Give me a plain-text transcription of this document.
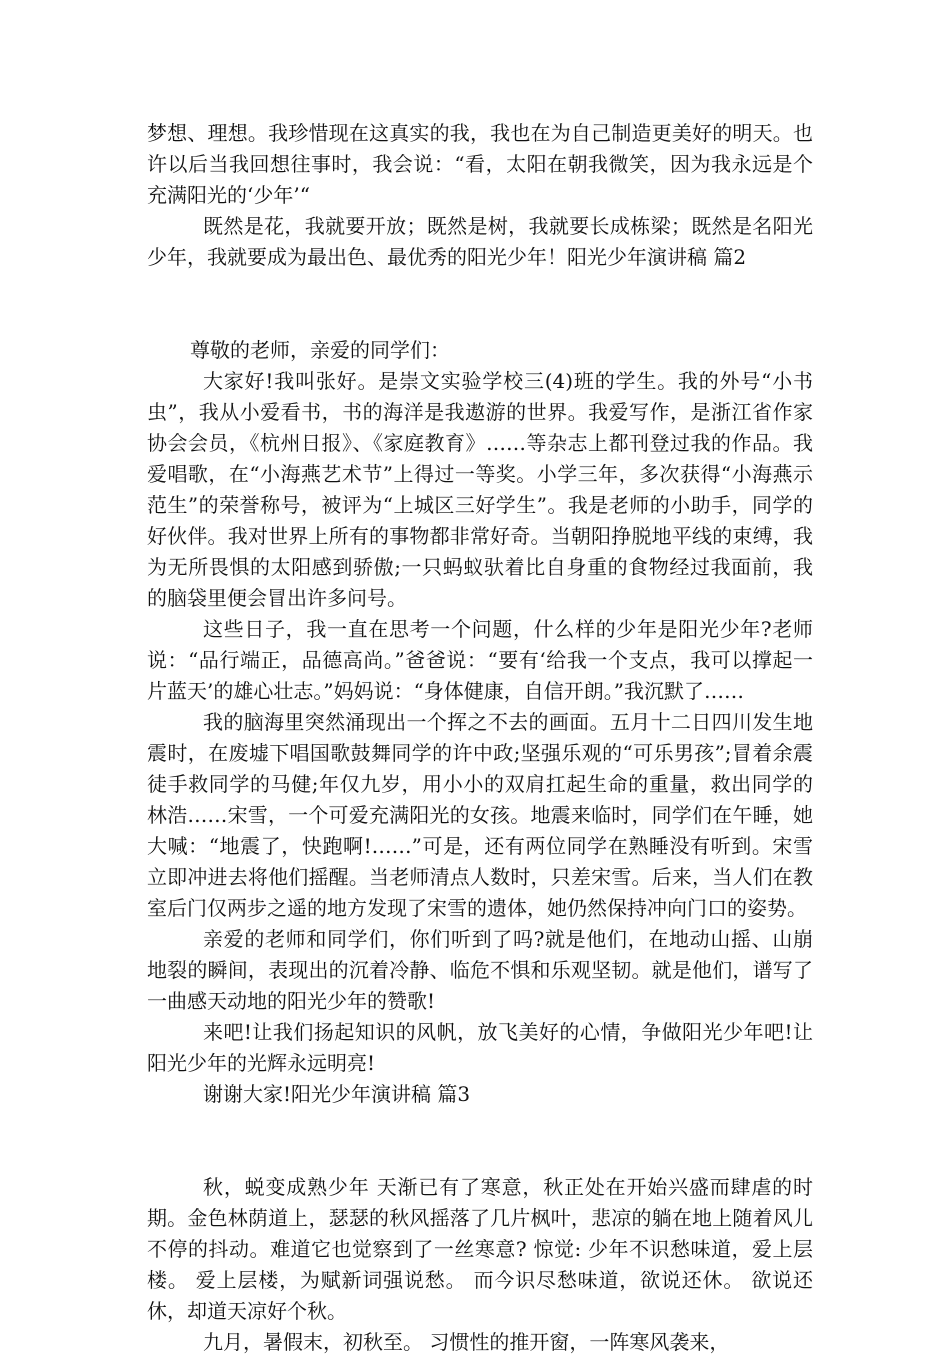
梦想、理想。我珍惜现在这真实的我，我也在为自己制造更美好的明天。也许以后当我回想往事时，我会说：“看，太阳在朝我微笑，因为我永远是个充满阳光的‘少年’“

既然是花，我就要开放；既然是树，我就要长成栋梁；既然是名阳光少年，我就要成为最出色、最优秀的阳光少年！阳光少年演讲稿 篇2

尊敬的老师，亲爱的同学们：

大家好!我叫张好。是崇文实验学校三(4)班的学生。我的外号“小书虫”，我从小爱看书，书的海洋是我遨游的世界。我爱写作，是浙江省作家协会会员，《杭州日报》、《家庭教育》……等杂志上都刊登过我的作品。我爱唱歌，在“小海燕艺术节”上得过一等奖。小学三年，多次获得“小海燕示范生”的荣誉称号，被评为“上城区三好学生”。我是老师的小助手，同学的好伙伴。我对世界上所有的事物都非常好奇。当朝阳挣脱地平线的束缚，我为无所畏惧的太阳感到骄傲;一只蚂蚁驮着比自身重的食物经过我面前，我的脑袋里便会冒出许多问号。

这些日子，我一直在思考一个问题，什么样的少年是阳光少年?老师说：“品行端正，品德高尚。”爸爸说：“要有‘给我一个支点，我可以撑起一片蓝天’的雄心壮志。”妈妈说：“身体健康，自信开朗。”我沉默了……

我的脑海里突然涌现出一个挥之不去的画面。五月十二日四川发生地震时，在废墟下唱国歌鼓舞同学的许中政;坚强乐观的“可乐男孩”;冒着余震徒手救同学的马健;年仅九岁，用小小的双肩扛起生命的重量，救出同学的林浩……宋雪，一个可爱充满阳光的女孩。地震来临时，同学们在午睡，她大喊：“地震了，快跑啊!……”可是，还有两位同学在熟睡没有听到。宋雪立即冲进去将他们摇醒。当老师清点人数时，只差宋雪。后来，当人们在教室后门仅两步之遥的地方发现了宋雪的遗体，她仍然保持冲向门口的姿势。

亲爱的老师和同学们，你们听到了吗?就是他们，在地动山摇、山崩地裂的瞬间，表现出的沉着冷静、临危不惧和乐观坚韧。就是他们，谱写了一曲感天动地的阳光少年的赞歌!

来吧!让我们扬起知识的风帆，放飞美好的心情，争做阳光少年吧!让阳光少年的光辉永远明亮!

谢谢大家!阳光少年演讲稿 篇3

秋，蜕变成熟少年 天渐已有了寒意，秋正处在开始兴盛而肆虐的时期。金色林荫道上，瑟瑟的秋风摇落了几片枫叶，悲凉的躺在地上随着风儿不停的抖动。难道它也觉察到了一丝寒意? 惊觉: 少年不识愁味道，爱上层楼。 爱上层楼，为赋新词强说愁。 而今识尽愁味道，欲说还休。 欲说还休，却道天凉好个秋。

九月，暑假末，初秋至。 习惯性的推开窗，一阵寒风袭来，
